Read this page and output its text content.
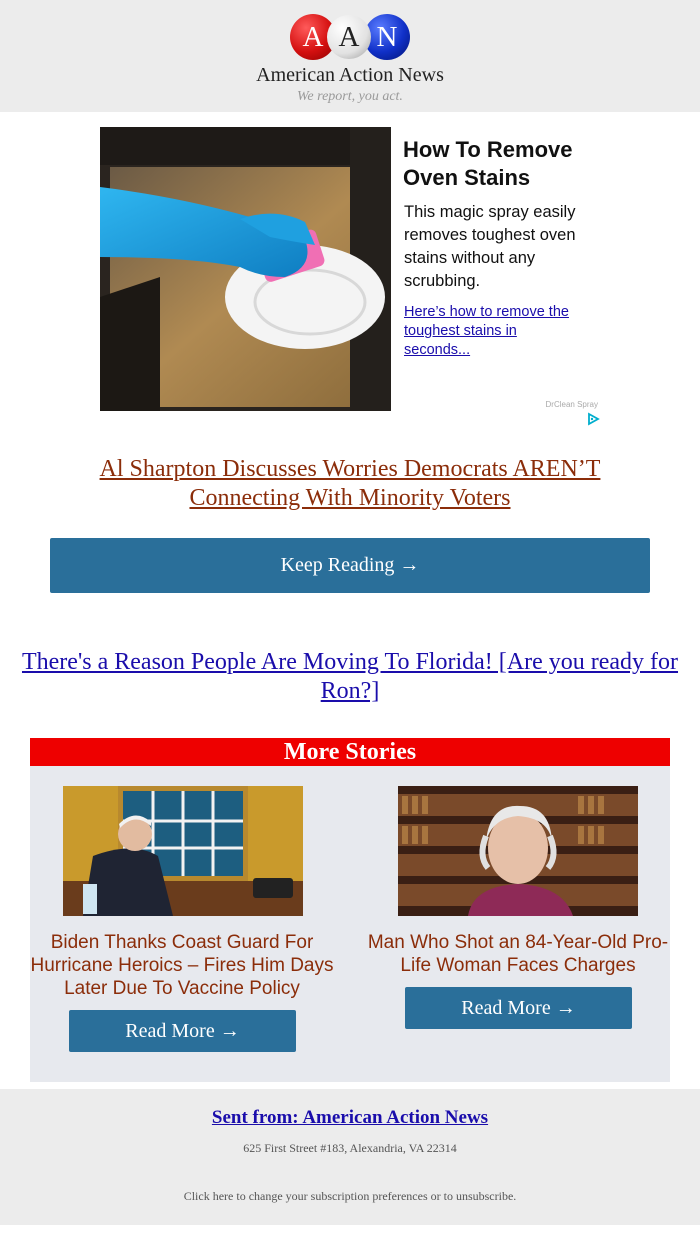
A A N
American Action News
We report, you act.
How To Remove Oven Stains
This magic spray easily removes toughest oven stains without any scrubbing.
Here’s how to remove the toughest stains in seconds...
DrClean Spray
Al Sharpton Discusses Worries Democrats AREN’T Connecting With Minority Voters
Keep Reading →
There's a Reason People Are Moving To Florida! [Are you ready for Ron?]
More Stories
Biden Thanks Coast Guard For Hurricane Heroics – Fires Him Days Later Due To Vaccine Policy
Read More →
Man Who Shot an 84-Year-Old Pro-Life Woman Faces Charges
Read More →
Sent from: American Action News
625 First Street #183, Alexandria, VA 22314
Click here to change your subscription preferences or to unsubscribe.
